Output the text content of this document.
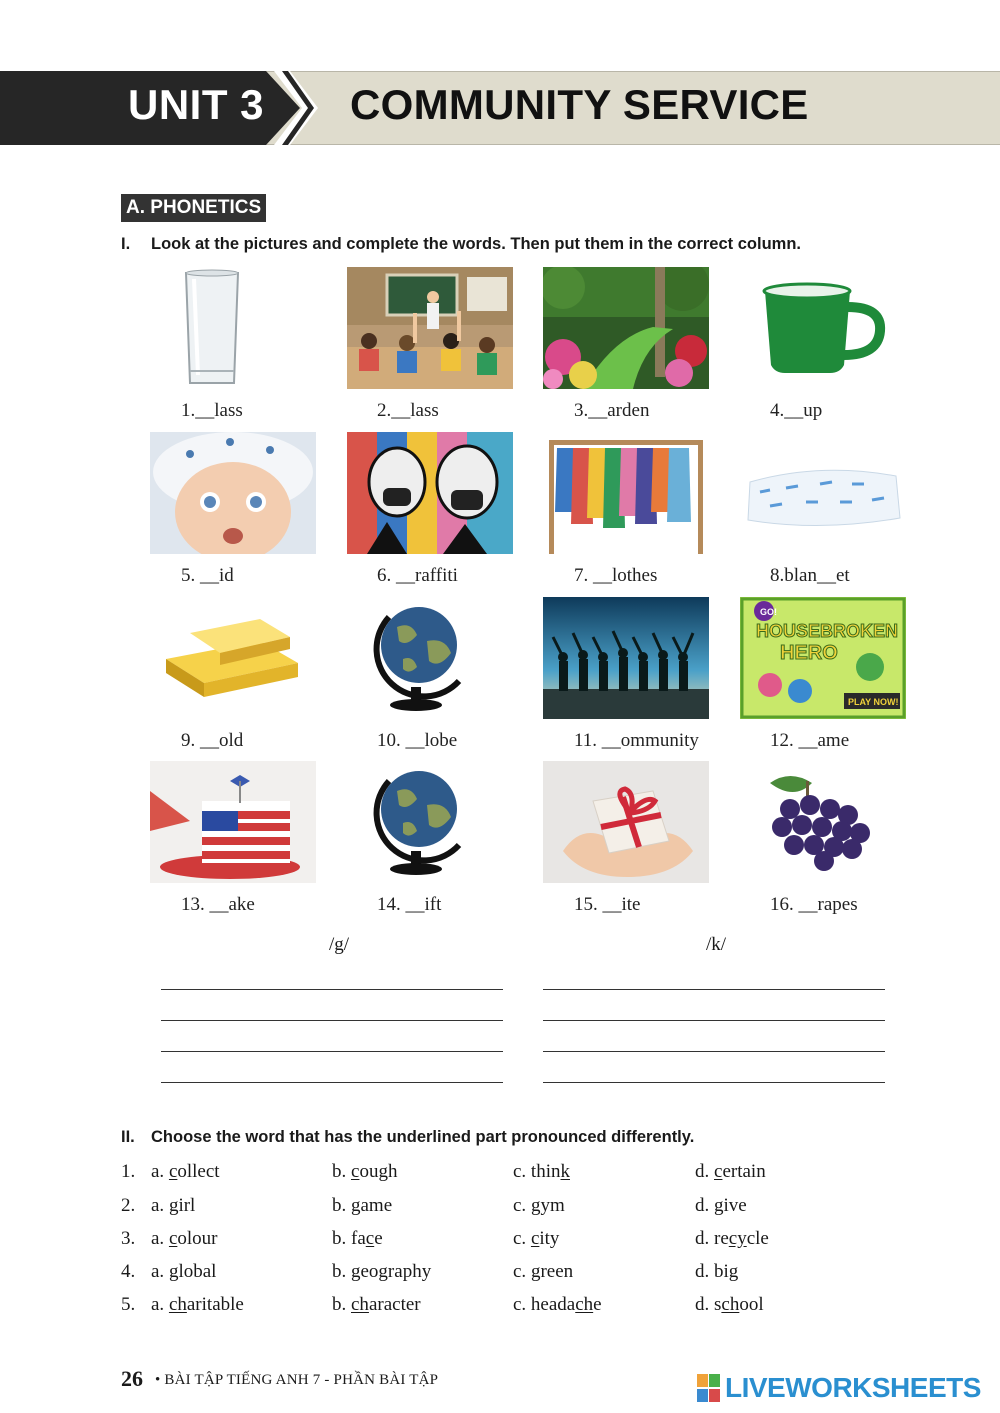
UNIT 3 COMMUNITY SERVICE
A. PHONETICS
I. Look at the pictures and complete the words. Then put them in the correct column.
1.__lass	2.__lass	3.__arden	4.__up
5. __id	6. __raffiti	7. __lothes	8.blan__et
GO!
HOUSEBROKEN
HERO
PLAY NOW!
9. __old	10. __lobe	11. __ommunity	12. __ame
13. __ake	14. __ift	15. __ite	16. __rapes
/g/	/k/
II. Choose the word that has the underlined part pronounced differently.
1. a. collect	b. cough	c. think	d. certain
2. a. girl	b. game	c. gym	d. give
3. a. colour	b. face	c. city	d. recycle
4. a. global	b. geography	c. green	d. big
5. a. charitable	b. character	c. headache	d. school
26 • BÀI TẬP TIẾNG ANH 7 - PHẦN BÀI TẬP	LIVEWORKSHEETS
